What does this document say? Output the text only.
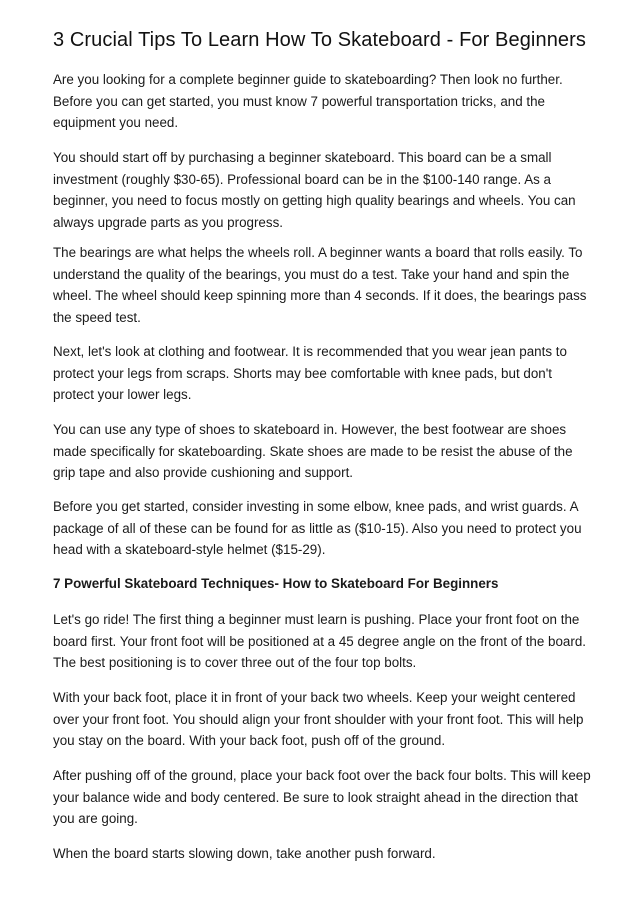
3 Crucial Tips To Learn How To Skateboard - For Beginners

Are you looking for a complete beginner guide to skateboarding? Then look no further. Before you can get started, you must know 7 powerful transportation tricks, and the equipment you need.

You should start off by purchasing a beginner skateboard. This board can be a small investment (roughly $30-65). Professional board can be in the $100-140 range. As a beginner, you need to focus mostly on getting high quality bearings and wheels. You can always upgrade parts as you progress.

The bearings are what helps the wheels roll. A beginner wants a board that rolls easily. To understand the quality of the bearings, you must do a test. Take your hand and spin the wheel. The wheel should keep spinning more than 4 seconds. If it does, the bearings pass the speed test.

Next, let's look at clothing and footwear. It is recommended that you wear jean pants to protect your legs from scraps. Shorts may bee comfortable with knee pads, but don't protect your lower legs.

You can use any type of shoes to skateboard in. However, the best footwear are shoes made specifically for skateboarding. Skate shoes are made to be resist the abuse of the grip tape and also provide cushioning and support.

Before you get started, consider investing in some elbow, knee pads, and wrist guards. A package of all of these can be found for as little as ($10-15). Also you need to protect you head with a skateboard-style helmet ($15-29).

7 Powerful Skateboard Techniques- How to Skateboard For Beginners

Let's go ride! The first thing a beginner must learn is pushing. Place your front foot on the board first. Your front foot will be positioned at a 45 degree angle on the front of the board. The best positioning is to cover three out of the four top bolts.

With your back foot, place it in front of your back two wheels. Keep your weight centered over your front foot. You should align your front shoulder with your front foot. This will help you stay on the board. With your back foot, push off of the ground.

After pushing off of the ground, place your back foot over the back four bolts. This will keep your balance wide and body centered. Be sure to look straight ahead in the direction that you are going.

When the board starts slowing down, take another push forward.
